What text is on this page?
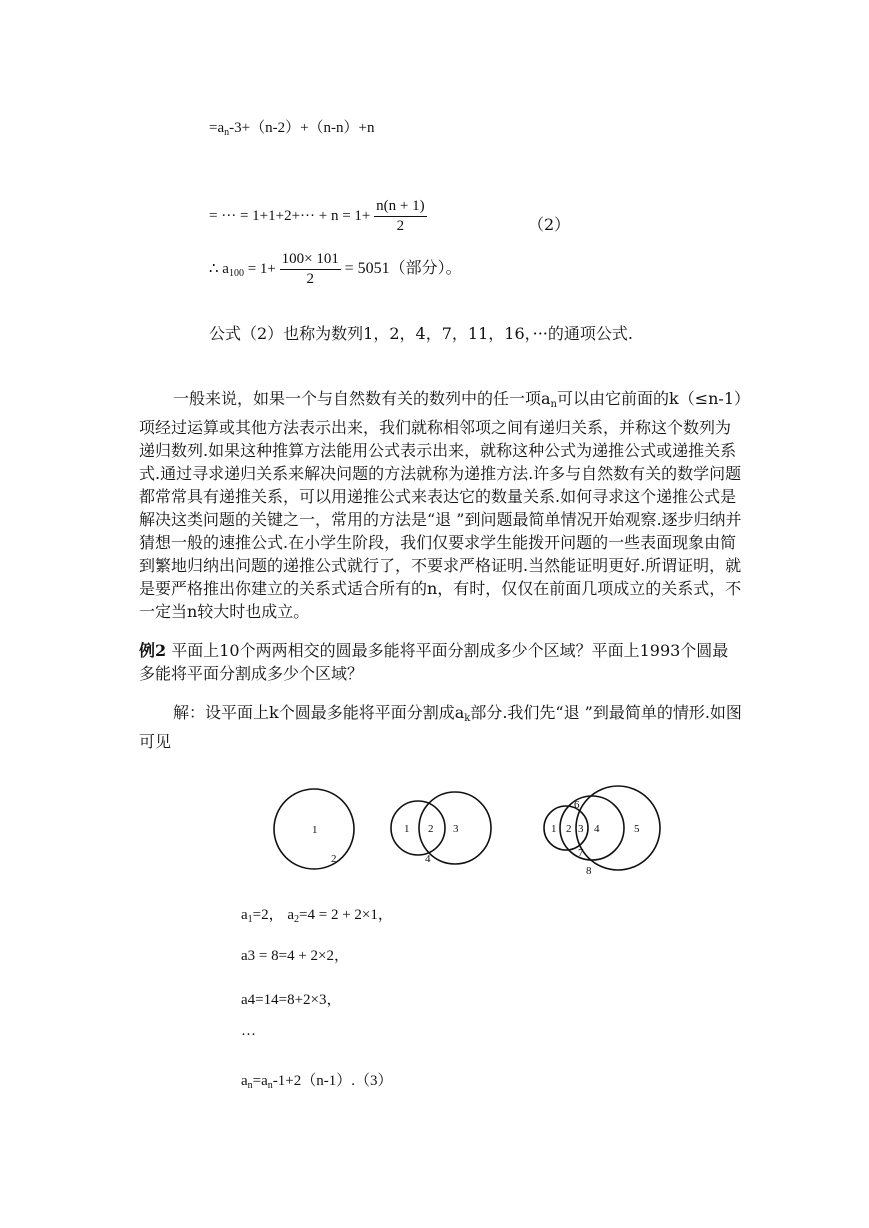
$=a_n-3+(n-2)+(n-n)+n$
= ··· = $1+1+2+\cdot\cdot\cdot + n = 1+ \frac{n(n + 1)}{2}$	（2）
∴ $a_{100} = 1+ \frac{100\times 101}{2} = 5051$（部分）。
公式（2）也称为数列1，2，4，7，11，16，···的通项公式.
一般来说，如果一个与自然数有关的数列中的任一项$a_n$可以由它前面的k（≤n-1）项经过运算或其他方法表示出来，我们就称相邻项之间有递归关系，并称这个数列为递归数列.如果这种推算方法能用公式表示出来，就称这种公式为递推公式或递推关系式.通过寻求递归关系来解决问题的方法就称为递推方法.许多与自然数有关的数学问题都常常具有递推关系，可以用递推公式来表达它的数量关系.如何寻求这个递推公式是解决这类问题的关键之一，常用的方法是“退 ”到问题最简单情况开始观察.逐步归纳并猜想一般的速推公式.在小学生阶段，我们仅要求学生能拨开问题的一些表面现象由简到繁地归纳出问题的递推公式就行了，不要求严格证明.当然能证明更好.所谓证明，就是要严格推出你建立的关系式适合所有的n，有时，仅仅在前面几项成立的关系式，不一定当n较大时也成立。
例2 平面上10个两两相交的圆最多能将平面分割成多少个区域？平面上1993个圆最多能将平面分割成多少个区域？
解：设平面上k个圆最多能将平面分割成$a_k$部分.我们先“退 ”到最简单的情形.如图可见
1
2
1 2 3
4
1 2 3 4	5
6
7
8
$a_1=2$， $a_2=4 = 2 + 2\times 1$，
a3 = 8=4 + 2×2，
a4=14=8+2×3，
···
$a_n=a_n-1+2(n-1).(3)$
